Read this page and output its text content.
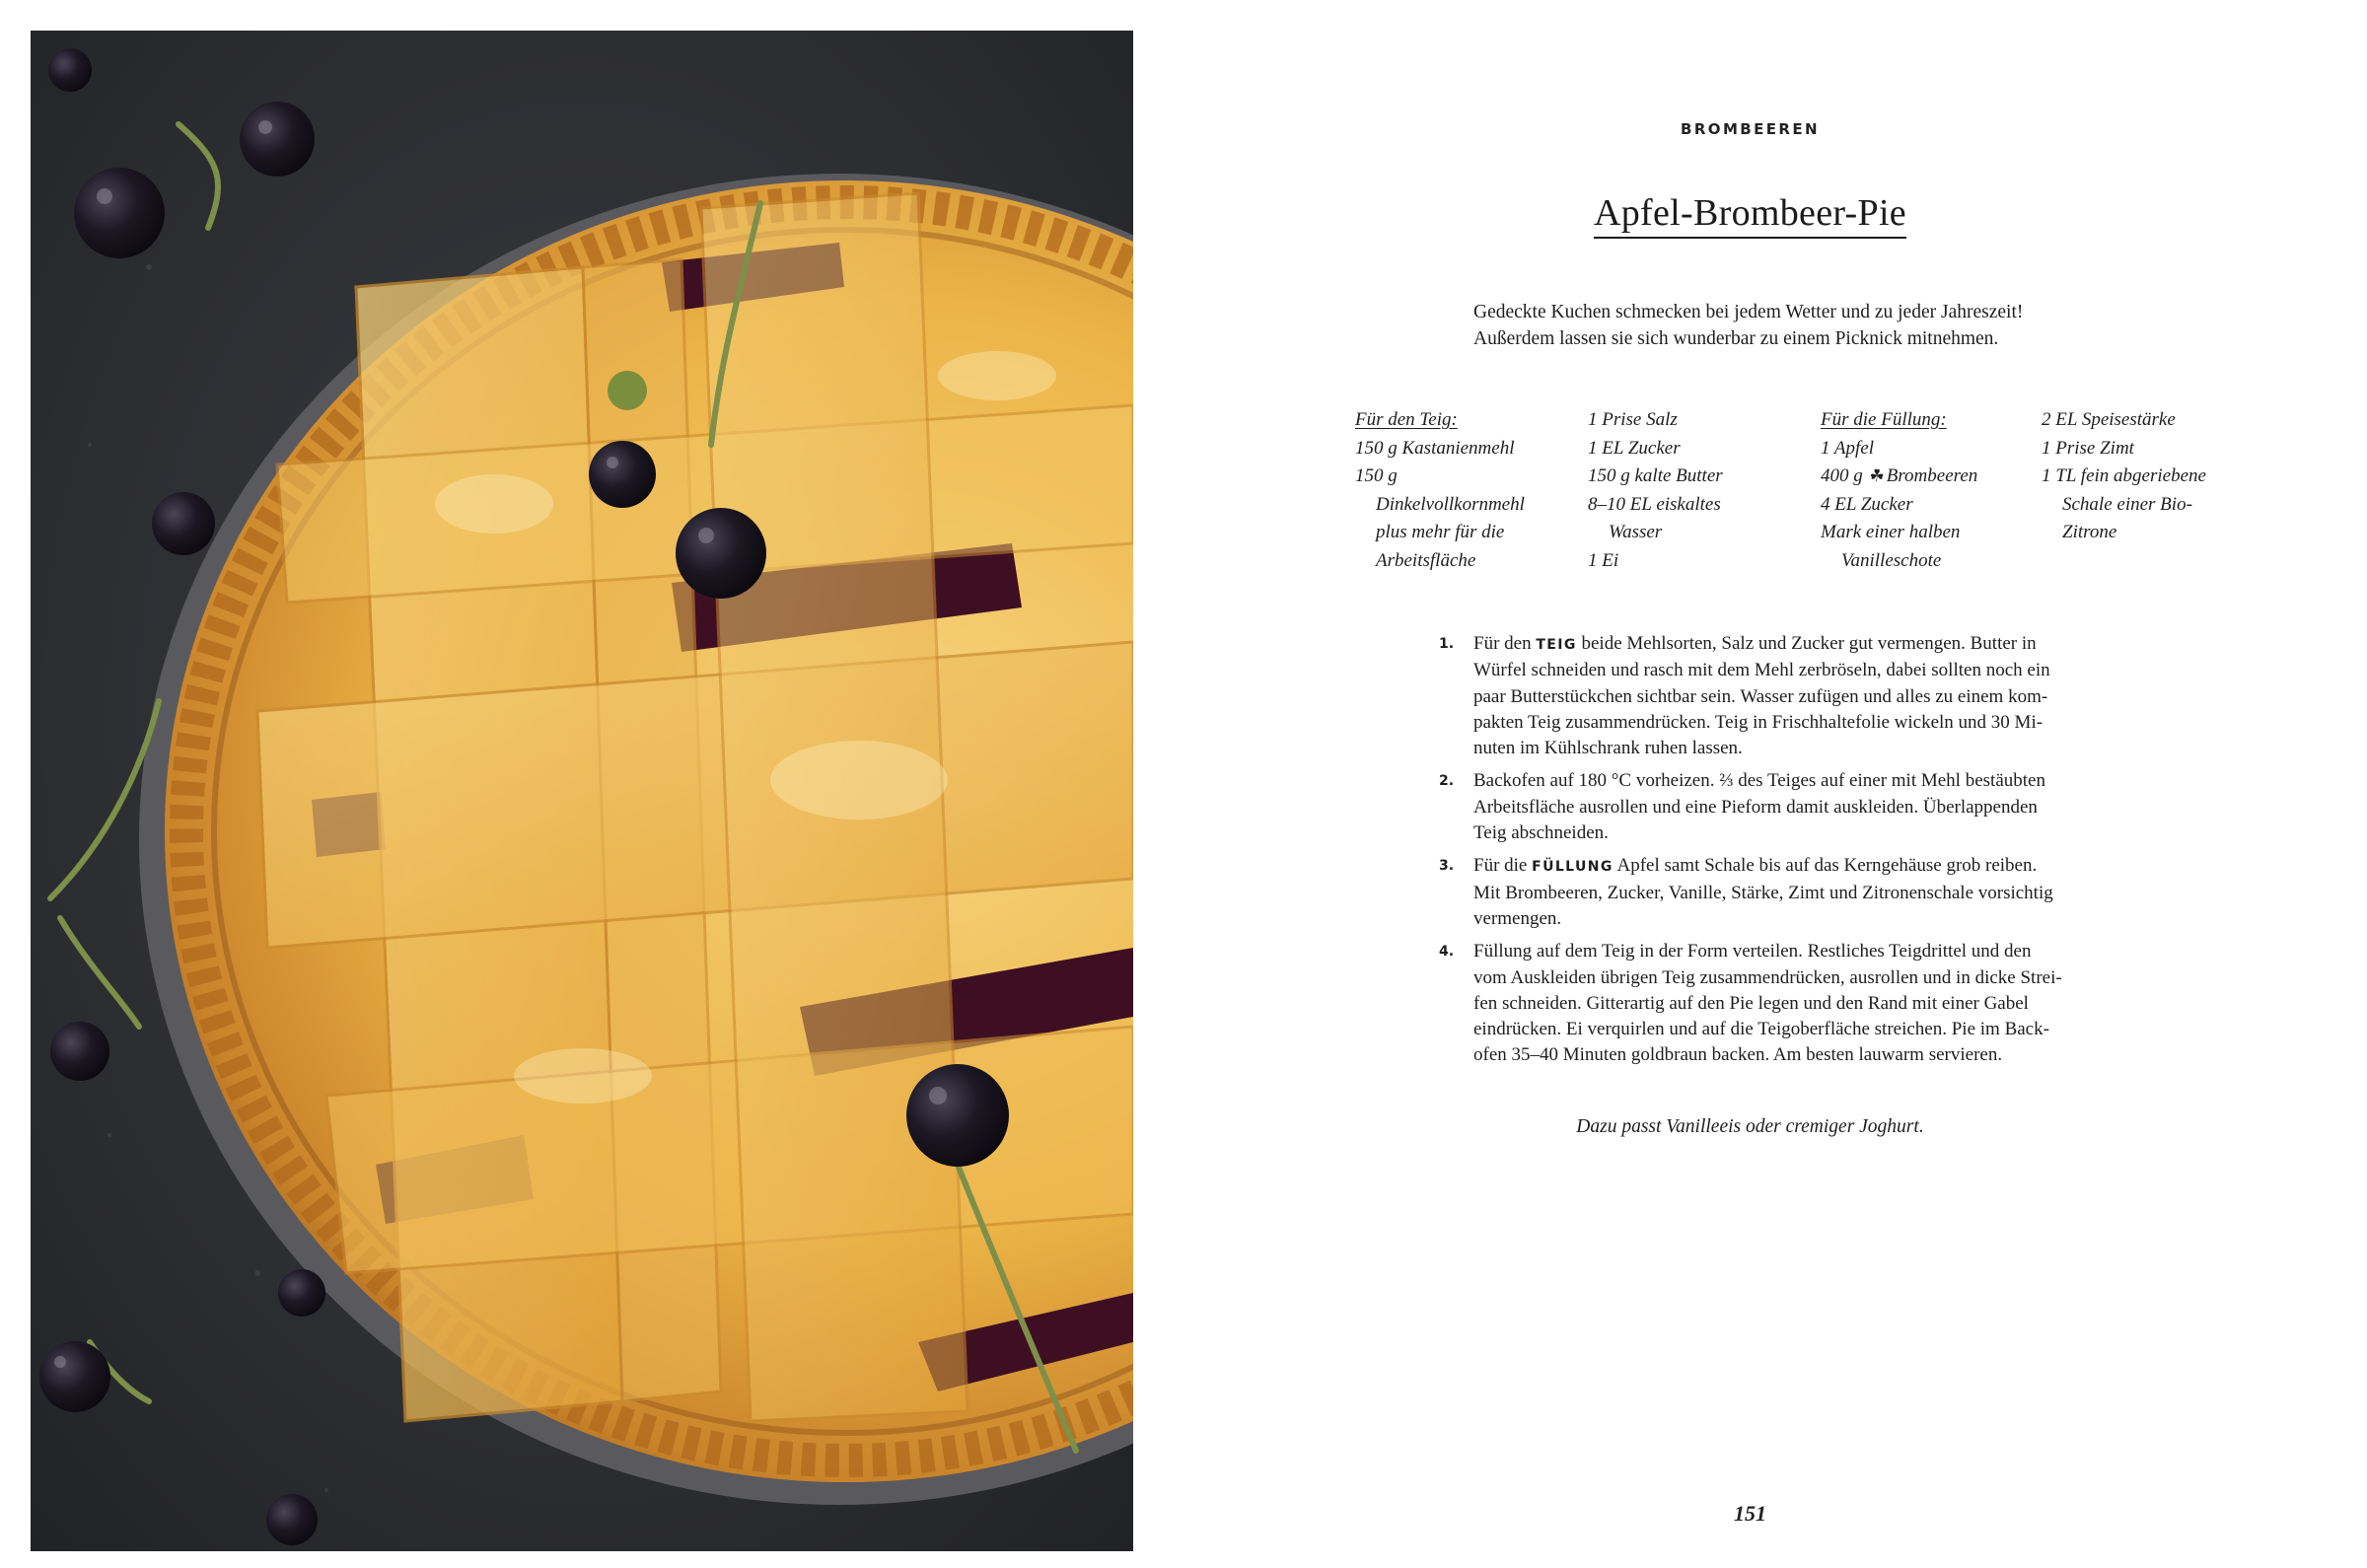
BROMBEEREN
Apfel-Brombeer-Pie
Gedeckte Kuchen schmecken bei jedem Wetter und zu jeder Jahreszeit!
Außerdem lassen sie sich wunderbar zu einem Picknick mitnehmen.
Für den Teig:
150 g Kastanienmehl
150 g
Dinkelvollkornmehl
plus mehr für die
Arbeitsfläche
1 Prise Salz
1 EL Zucker
150 g kalte Butter
8–10 EL eiskaltes
Wasser
1 Ei
Für die Füllung:
1 Apfel
400 g ☘ Brombeeren
4 EL Zucker
Mark einer halben
Vanilleschote
2 EL Speisestärke
1 Prise Zimt
1 TL fein abgeriebene
Schale einer Bio-
Zitrone
1. Für den TEIG beide Mehlsorten, Salz und Zucker gut vermengen. Butter in
Würfel schneiden und rasch mit dem Mehl zerbröseln, dabei sollten noch ein
paar Butterstückchen sichtbar sein. Wasser zufügen und alles zu einem kom-
pakten Teig zusammendrücken. Teig in Frischhaltefolie wickeln und 30 Mi-
nuten im Kühlschrank ruhen lassen.
2. Backofen auf 180 °C vorheizen. ⅔ des Teiges auf einer mit Mehl bestäubten
Arbeitsfläche ausrollen und eine Pieform damit auskleiden. Überlappenden
Teig abschneiden.
3. Für die FÜLLUNG Apfel samt Schale bis auf das Kerngehäuse grob reiben.
Mit Brombeeren, Zucker, Vanille, Stärke, Zimt und Zitronenschale vorsichtig
vermengen.
4. Füllung auf dem Teig in der Form verteilen. Restliches Teigdrittel und den
vom Auskleiden übrigen Teig zusammendrücken, ausrollen und in dicke Strei-
fen schneiden. Gitterartig auf den Pie legen und den Rand mit einer Gabel
eindrücken. Ei verquirlen und auf die Teigoberfläche streichen. Pie im Back-
ofen 35–40 Minuten goldbraun backen. Am besten lauwarm servieren.
Dazu passt Vanilleeis oder cremiger Joghurt.
151
